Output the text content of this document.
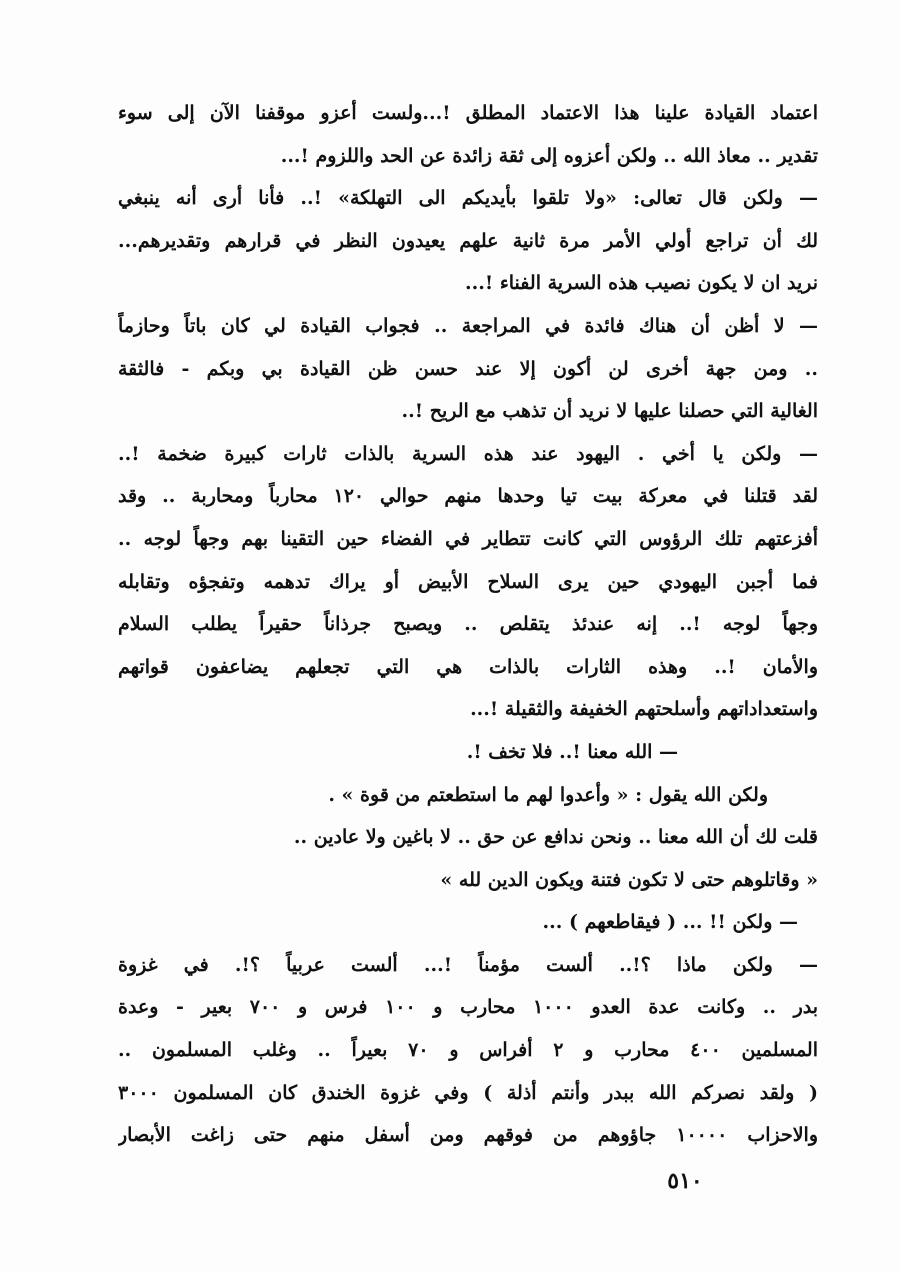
اعتماد القيادة علينا هذا الاعتماد المطلق !...ولست أعزو موقفنا الآن إلى سوء
تقدير .. معاذ الله .. ولكن أعزوه إلى ثقة زائدة عن الحد واللزوم !...
— ولكن قال تعالى: «ولا تلقوا بأيديكم الى التهلكة» !.. فأنا أرى أنه ينبغي
لك أن تراجع أولي الأمر مرة ثانية علهم يعيدون النظر في قرارهم وتقديرهم...
نريد ان لا يكون نصيب هذه السرية الفناء !...
— لا أظن أن هناك فائدة في المراجعة .. فجواب القيادة لي كان باتاً وحازماً
.. ومن جهة أخرى لن أكون إلا عند حسن ظن القيادة بي وبكم - فالثقة
الغالية التي حصلنا عليها لا نريد أن تذهب مع الريح !..
— ولكن يا أخي . اليهود عند هذه السرية بالذات ثارات كبيرة ضخمة !..
لقد قتلنا في معركة بيت تيا وحدها منهم حوالي ١٢٠ محارباً ومحاربة .. وقد
أفزعتهم تلك الرؤوس التي كانت تتطاير في الفضاء حين التقينا بهم وجهاً لوجه ..
فما أجبن اليهودي حين يرى السلاح الأبيض أو يراك تدهمه وتفجؤه وتقابله
وجهاً لوجه !.. إنه عندئذ يتقلص .. ويصبح جرذاناً حقيراً يطلب السلام
والأمان !.. وهذه الثارات بالذات هي التي تجعلهم يضاعفون قواتهم
واستعداداتهم وأسلحتهم الخفيفة والثقيلة !...
— الله معنا !.. فلا تخف !.
ولكن الله يقول : « وأعدوا لهم ما استطعتم من قوة » .
قلت لك أن الله معنا .. ونحن ندافع عن حق .. لا باغين ولا عادين ..
« وقاتلوهم حتى لا تكون فتنة ويكون الدين لله »
— ولكن !! ... ( فيقاطعهم ) ...
— ولكن ماذا ؟!.. ألست مؤمناً !... ألست عربياً ؟!. في غزوة
بدر .. وكانت عدة العدو ١٠٠٠ محارب و ١٠٠ فرس و ٧٠٠ بعير - وعدة
المسلمين ٤٠٠ محارب و ٢ أفراس و ٧٠ بعيراً .. وغلب المسلمون ..
( ولقد نصركم الله ببدر وأنتم أذلة ) وفي غزوة الخندق كان المسلمون ٣٠٠٠
والاحزاب ١٠٠٠٠ جاؤوهم من فوقهم ومن أسفل منهم حتى زاغت الأبصار
٥١٠
